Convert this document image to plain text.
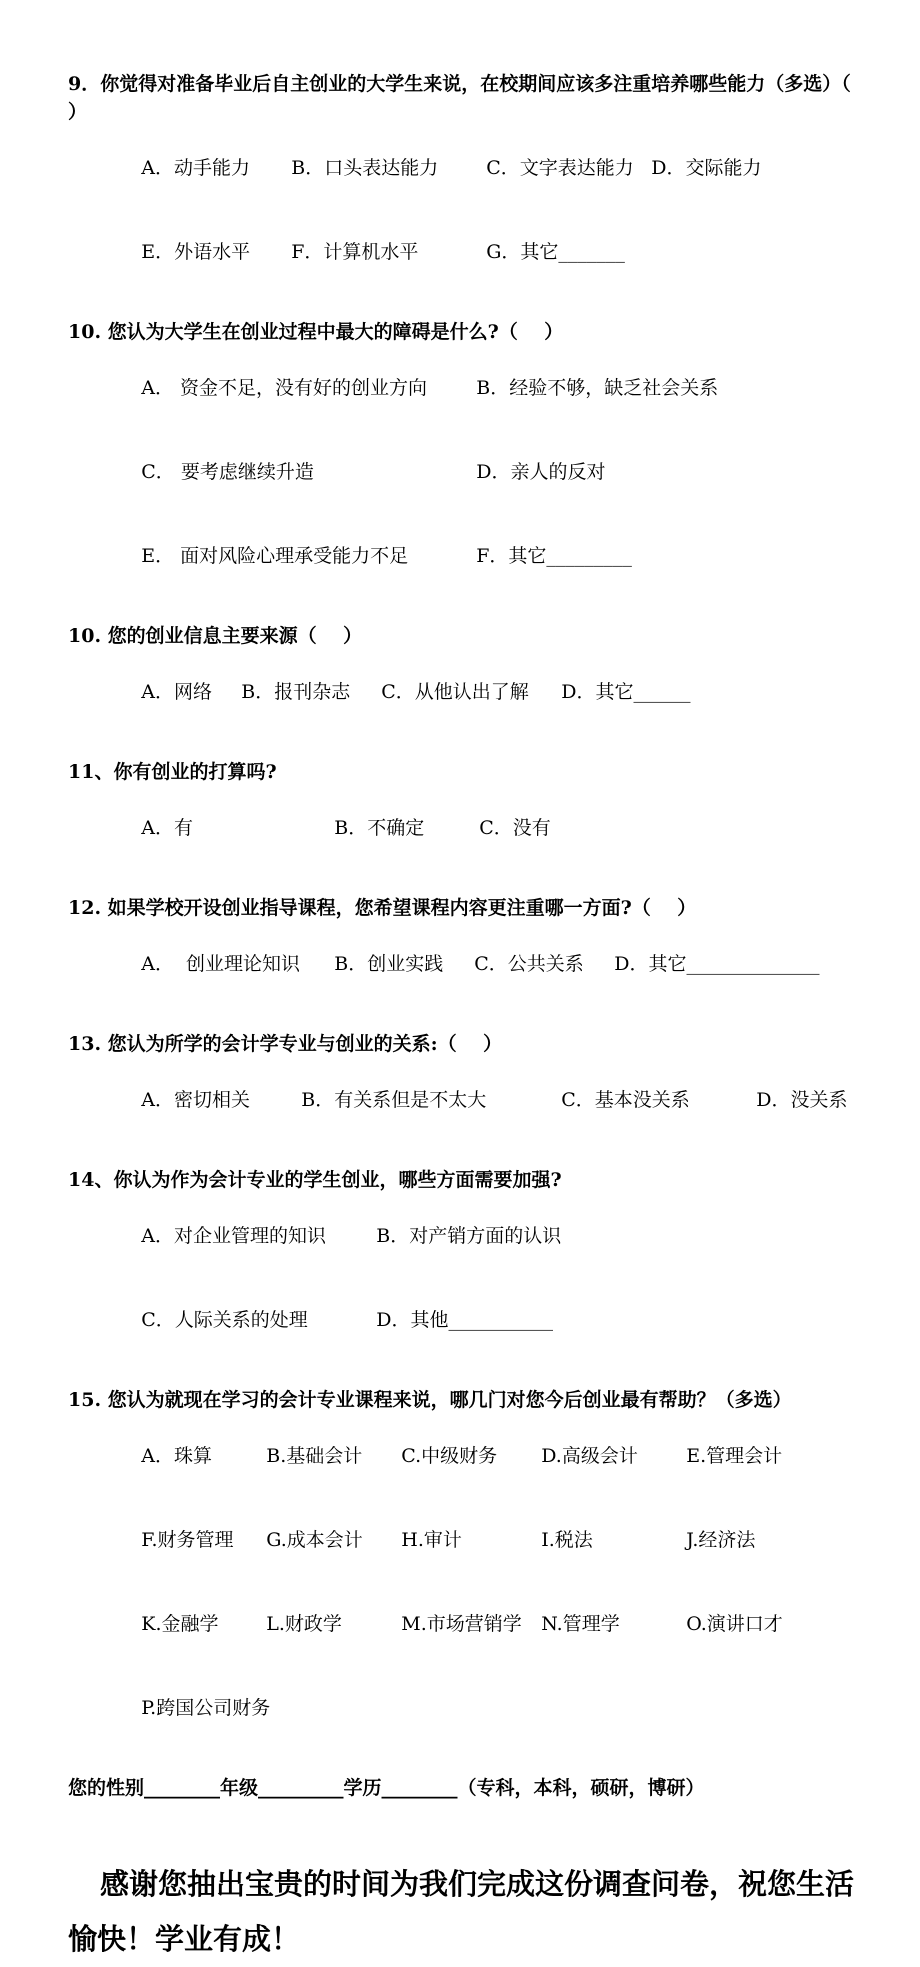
9．你觉得对准备毕业后自主创业的大学生来说，在校期间应该多注重培养哪些能力（多选）（
）

A．动手能力 B．口头表达能力	C．文字表达能力 D．交际能力

E．外语水平 F．计算机水平	G．其它_______

10. 您认为大学生在创业过程中最大的障碍是什么?（    ）

A． 资金不足，没有好的创业方向	B．经验不够，缺乏社会关系

C． 要考虑继续升造	D．亲人的反对

E． 面对风险心理承受能力不足	F．其它_________

10. 您的创业信息主要来源（    ）

A．网络 B．报刊杂志 C．从他认出了解 D．其它______

11、你有创业的打算吗?

A．有	B．不确定	C．没有

12. 如果学校开设创业指导课程，您希望课程内容更注重哪一方面?（    ）

A．  创业理论知识 B．创业实践 C．公共关系 D．其它______________

13. 您认为所学的会计学专业与创业的关系:（    ）

A．密切相关	B．有关系但是不太大	C．基本没关系	D．没关系

14、你认为作为会计专业的学生创业，哪些方面需要加强?

A．对企业管理的知识	B．对产销方面的认识

C．人际关系的处理	D．其他___________

15. 您认为就现在学习的会计专业课程来说，哪几门对您今后创业最有帮助？（多选）

A．珠算	B.基础会计 C.中级财务 D.高级会计	E.管理会计

F.财务管理 G.成本会计 H.审计	I.税法	J.经济法

K.金融学	L.财政学	M.市场营销学 N.管理学	O.演讲口才

P.跨国公司财务

您的性别________年级_________学历________（专科，本科，硕研，博研）
感谢您抽出宝贵的时间为我们完成这份调查问卷，祝您生活
愉快！学业有成！
